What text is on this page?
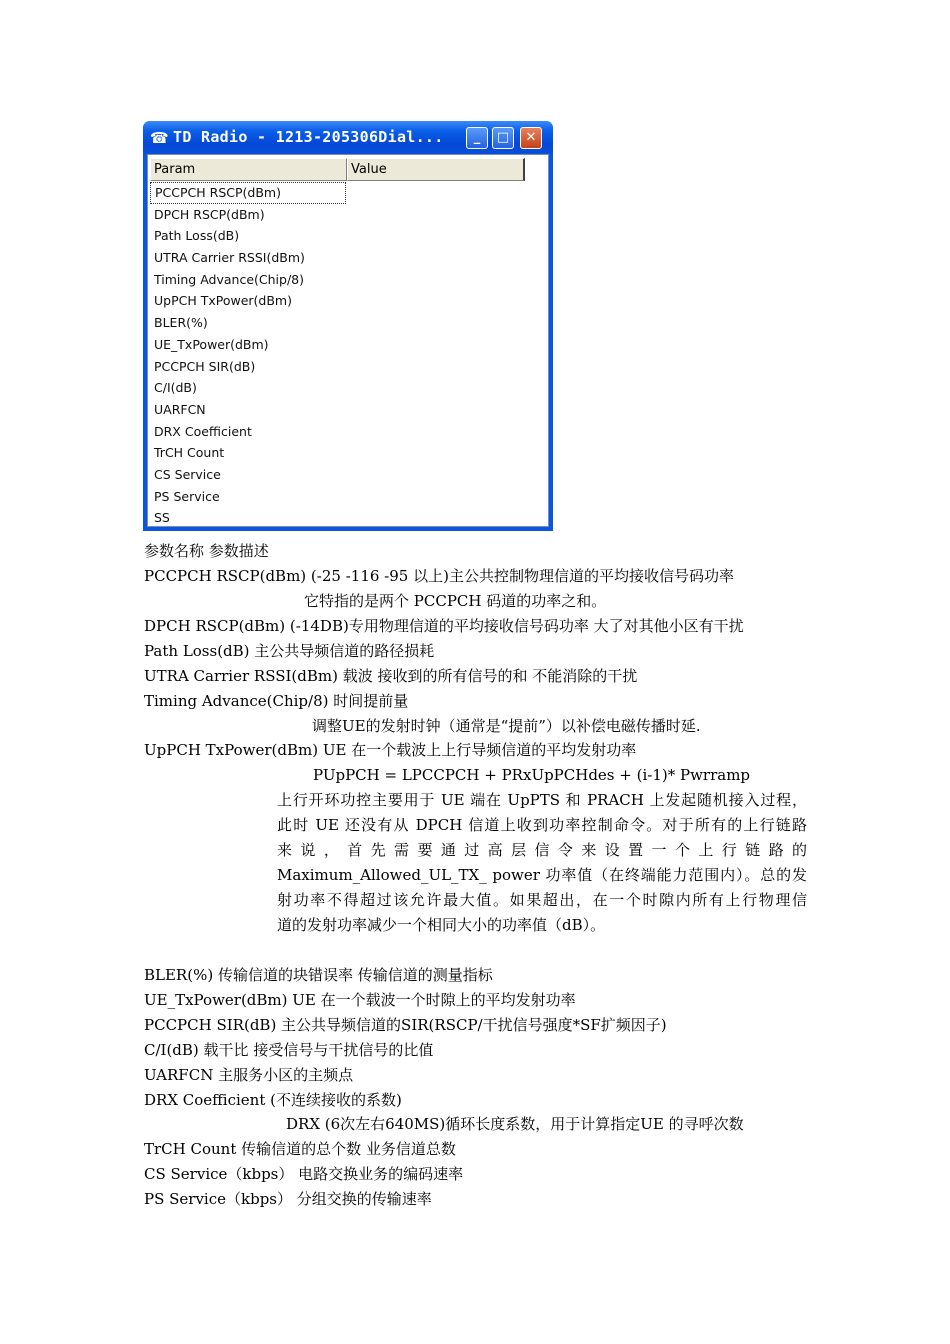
☎ TD Radio - 1213-205306Dial...	_	□	✕
Param	Value
PCCPCH RSCP(dBm)
DPCH RSCP(dBm)
Path Loss(dB)
UTRA Carrier RSSI(dBm)
Timing Advance(Chip/8)
UpPCH TxPower(dBm)
BLER(%)
UE_TxPower(dBm)
PCCPCH SIR(dB)
C/I(dB)
UARFCN
DRX Coefficient
TrCH Count
CS Service
PS Service
SS
参数名称 参数描述
PCCPCH RSCP(dBm) (-25 -116 -95 以上)主公共控制物理信道的平均接收信号码功率
它特指的是两个 PCCPCH 码道的功率之和。
DPCH RSCP(dBm) (-14DB)专用物理信道的平均接收信号码功率 大了对其他小区有干扰
Path Loss(dB) 主公共导频信道的路径损耗
UTRA Carrier RSSI(dBm) 载波 接收到的所有信号的和 不能消除的干扰
Timing Advance(Chip/8) 时间提前量
调整UE的发射时钟（通常是“提前”）以补偿电磁传播时延.
UpPCH TxPower(dBm) UE 在一个载波上上行导频信道的平均发射功率
PUpPCH = LPCCPCH + PRxUpPCHdes + (i-1)* Pwrramp
上行开环功控主要用于 UE 端在 UpPTS 和 PRACH 上发起随机接入过程，
此时 UE 还没有从 DPCH 信道上收到功率控制命令。对于所有的上行链路
来 说 ， 首 先 需 要 通 过 高 层 信 令 来 设 置 一 个 上 行 链 路 的
Maximum_Allowed_UL_TX_ power 功率值（在终端能力范围内）。总的发
射功率不得超过该允许最大值。如果超出，在一个时隙内所有上行物理信
道的发射功率减少一个相同大小的功率值（dB）。
BLER(%) 传输信道的块错误率 传输信道的测量指标
UE_TxPower(dBm) UE 在一个载波一个时隙上的平均发射功率
PCCPCH SIR(dB) 主公共导频信道的SIR(RSCP/干扰信号强度*SF扩频因子)
C/I(dB) 载干比 接受信号与干扰信号的比值
UARFCN 主服务小区的主频点
DRX Coefficient (不连续接收的系数)
DRX (6次左右640MS)循环长度系数，用于计算指定UE 的寻呼次数
TrCH Count 传输信道的总个数 业务信道总数
CS Service（kbps） 电路交换业务的编码速率
PS Service（kbps） 分组交换的传输速率
